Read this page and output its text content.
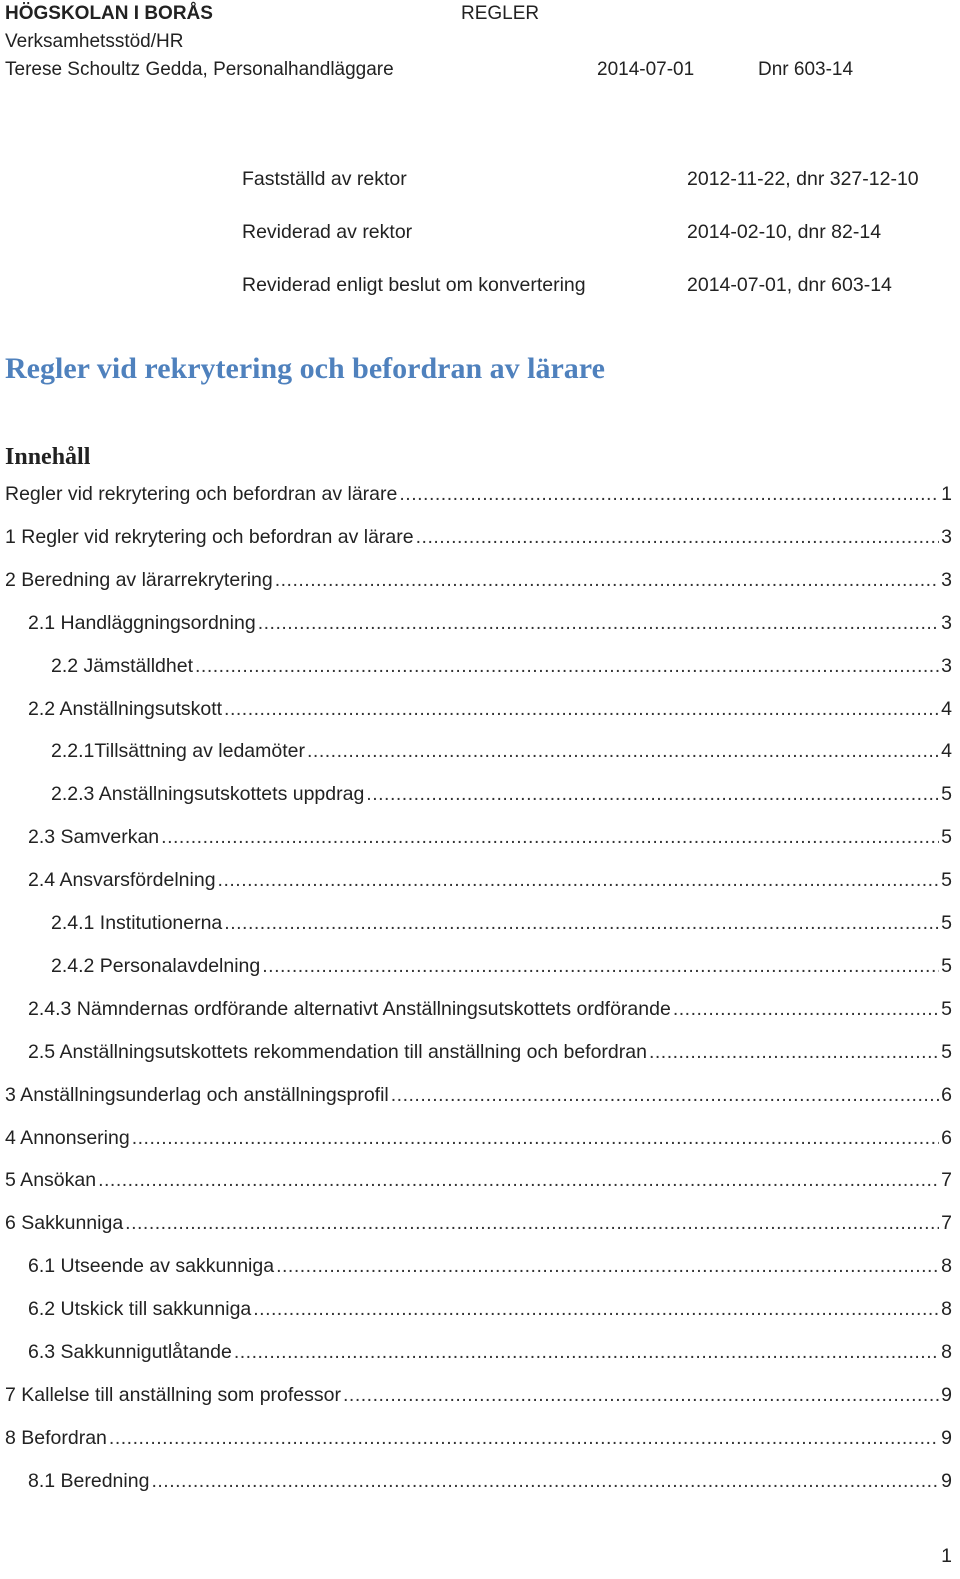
HÖGSKOLAN I BORÅS	REGLER
Verksamhetsstöd/HR
Terese Schoultz Gedda, Personalhandläggare	2014-07-01	Dnr 603-14
Fastställd av rektor	2012-11-22, dnr 327-12-10
Reviderad av rektor	2014-02-10, dnr 82-14
Reviderad enligt beslut om konvertering	2014-07-01, dnr 603-14
Regler vid rekrytering och befordran av lärare
Innehåll
Regler vid rekrytering och befordran av lärare .....	1
1 Regler vid rekrytering och befordran av lärare .....	3
2 Beredning av lärarrekrytering .....	3
2.1 Handläggningsordning .....	3
2.2 Jämställdhet .....	3
2.2 Anställningsutskott .....	4
2.2.1Tillsättning av ledamöter .....	4
2.2.3 Anställningsutskottets uppdrag .....	5
2.3 Samverkan .....	5
2.4 Ansvarsfördelning .....	5
2.4.1 Institutionerna .....	5
2.4.2 Personalavdelning .....	5
2.4.3 Nämndernas ordförande alternativt Anställningsutskottets ordförande .....	5
2.5 Anställningsutskottets rekommendation till anställning och befordran .....	5
3 Anställningsunderlag och anställningsprofil .....	6
4 Annonsering .....	6
5 Ansökan .....	7
6 Sakkunniga .....	7
6.1 Utseende av sakkunniga .....	8
6.2 Utskick till sakkunniga .....	8
6.3 Sakkunnigutlåtande .....	8
7 Kallelse till anställning som professor .....	9
8 Befordran .....	9
8.1 Beredning .....	9
1
